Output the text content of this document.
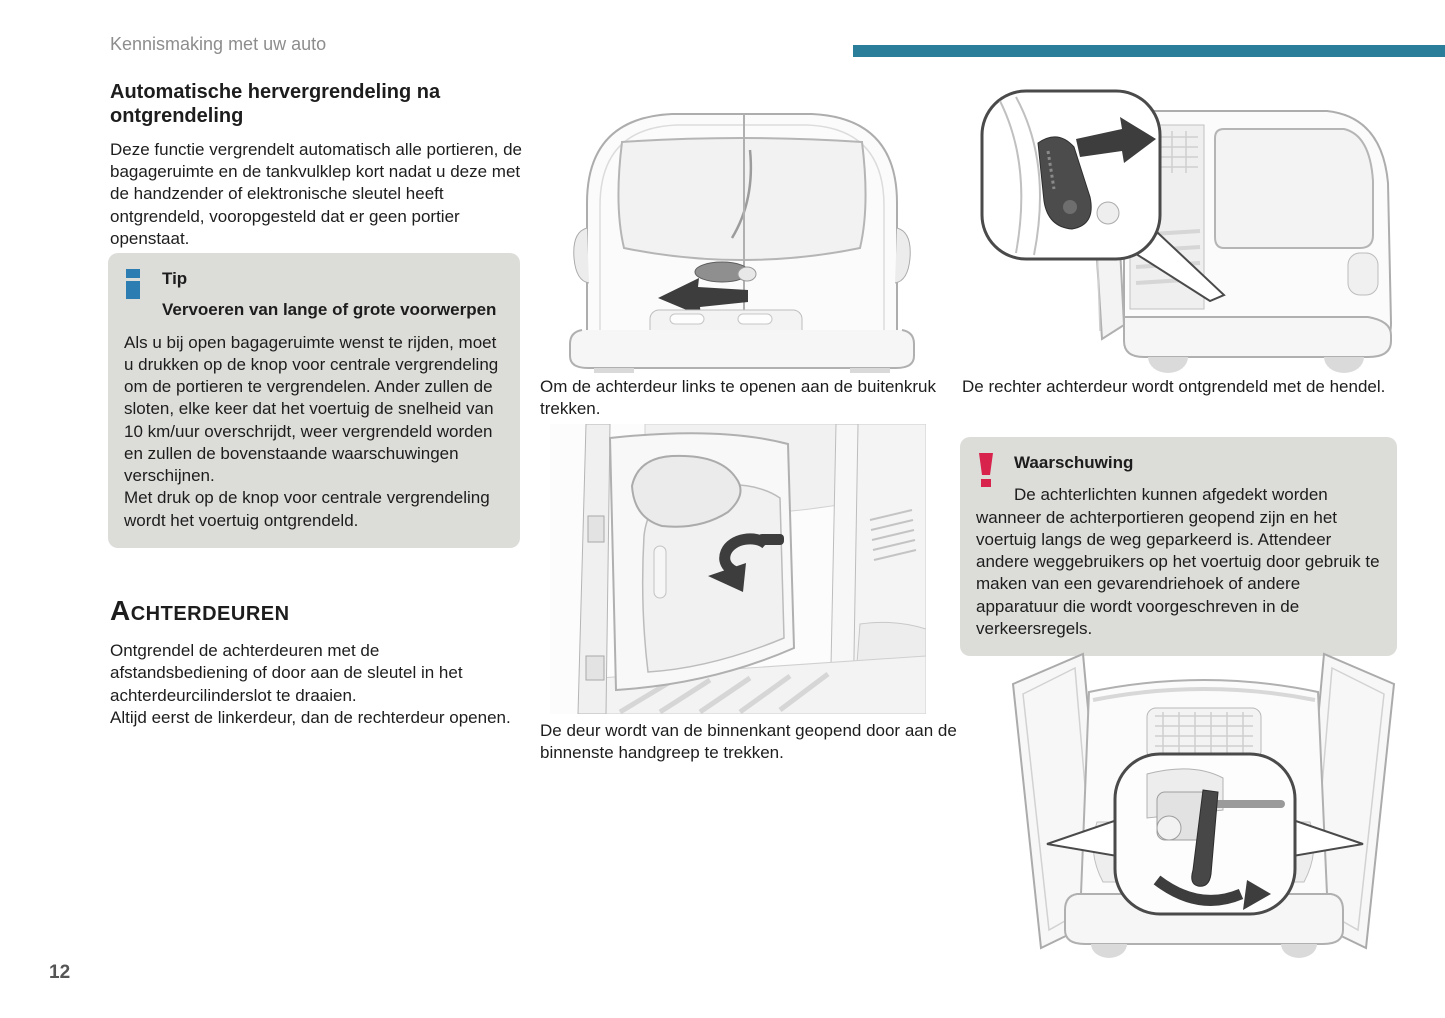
Kennismaking met uw auto
Automatische hervergrendeling na ontgrendeling

Deze functie vergrendelt automatisch alle portieren, de bagageruimte en de tankvulklep kort nadat u deze met de handzender of elektronische sleutel heeft ontgrendeld, vooropgesteld dat er geen portier openstaat.

Tip
Vervoeren van lange of grote voorwerpen

Als u bij open bagageruimte wenst te rijden, moet u drukken op de knop voor centrale vergrendeling om de portieren te vergrendelen. Ander zullen de sloten, elke keer dat het voertuig de snelheid van 10 km/uur overschrijdt, weer vergrendeld worden en zullen de bovenstaande waarschuwingen verschijnen.

Met druk op de knop voor centrale vergrendeling wordt het voertuig ontgrendeld.

Achterdeuren

Ontgrendel de achterdeuren met de afstandsbediening of door aan de sleutel in het achterdeurcilinderslot te draaien.

Altijd eerst de linkerdeur, dan de rechterdeur openen.

Om de achterdeur links te openen aan de buitenkruk trekken.

De deur wordt van de binnenkant geopend door aan de binnenste handgreep te trekken.

De rechter achterdeur wordt ontgrendeld met de hendel.

Waarschuwing

De achterlichten kunnen afgedekt worden wanneer de achterportieren geopend zijn en het voertuig langs de weg geparkeerd is. Attendeer andere weggebruikers op het voertuig door gebruik te maken van een gevarendriehoek of andere apparatuur die wordt voorgeschreven in de verkeersregels.

12
